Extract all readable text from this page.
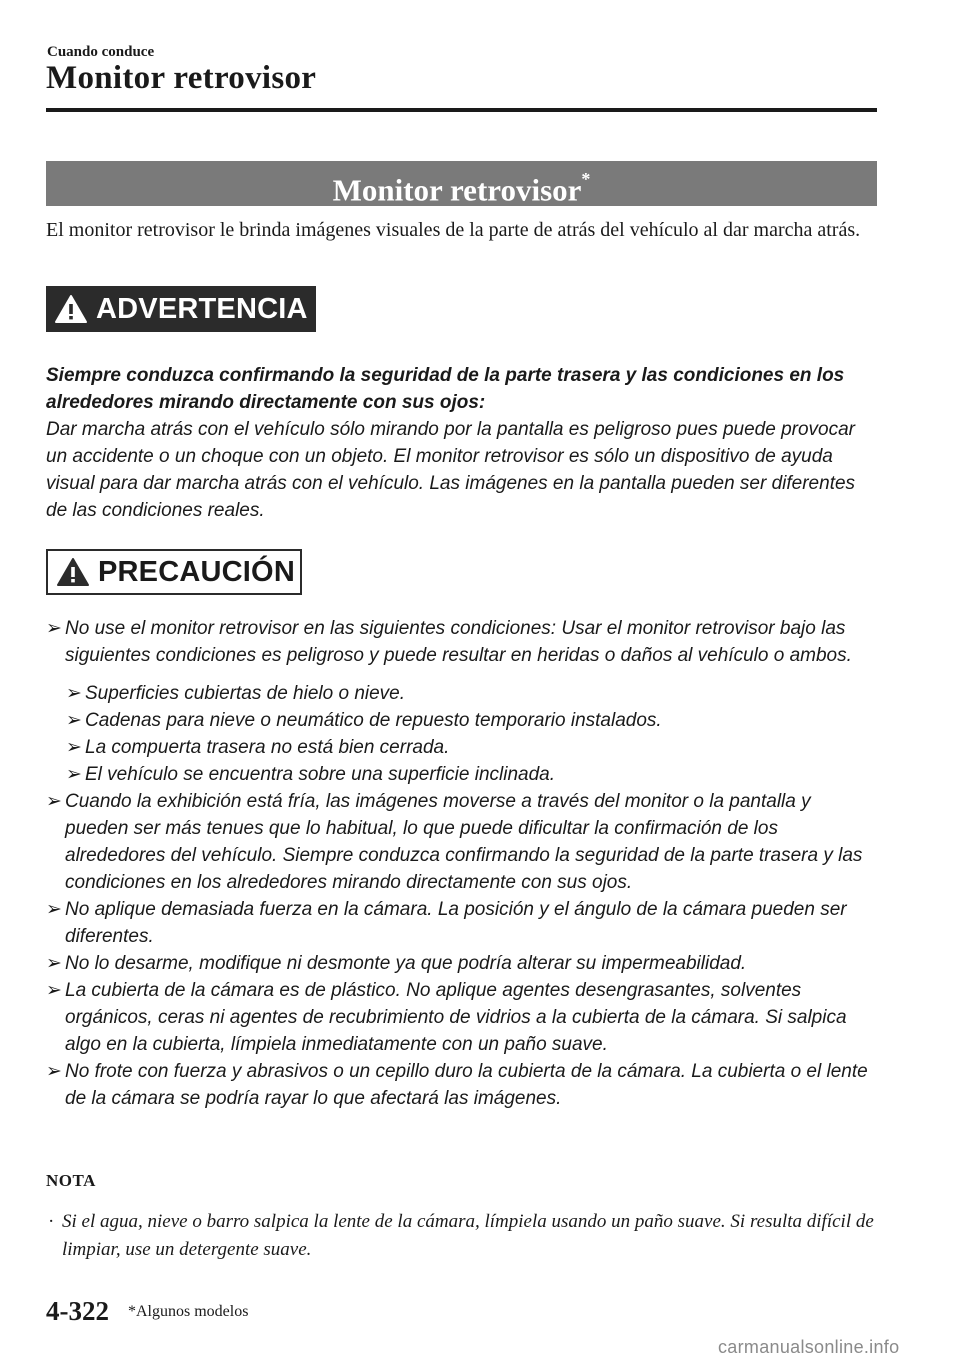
Cuando conduce
Monitor retrovisor
Monitor retrovisor*
El monitor retrovisor le brinda imágenes visuales de la parte de atrás del vehículo al dar marcha atrás.
ADVERTENCIA
Siempre conduzca confirmando la seguridad de la parte trasera y las condiciones en los alrededores mirando directamente con sus ojos:
Dar marcha atrás con el vehículo sólo mirando por la pantalla es peligroso pues puede provocar un accidente o un choque con un objeto. El monitor retrovisor es sólo un dispositivo de ayuda visual para dar marcha atrás con el vehículo. Las imágenes en la pantalla pueden ser diferentes de las condiciones reales.
PRECAUCIÓN
➢ No use el monitor retrovisor en las siguientes condiciones: Usar el monitor retrovisor bajo las siguientes condiciones es peligroso y puede resultar en heridas o daños al vehículo o ambos.
➢ Superficies cubiertas de hielo o nieve.
➢ Cadenas para nieve o neumático de repuesto temporario instalados.
➢ La compuerta trasera no está bien cerrada.
➢ El vehículo se encuentra sobre una superficie inclinada.
➢ Cuando la exhibición está fría, las imágenes moverse a través del monitor o la pantalla y pueden ser más tenues que lo habitual, lo que puede dificultar la confirmación de los alrededores del vehículo. Siempre conduzca confirmando la seguridad de la parte trasera y las condiciones en los alrededores mirando directamente con sus ojos.
➢ No aplique demasiada fuerza en la cámara. La posición y el ángulo de la cámara pueden ser diferentes.
➢ No lo desarme, modifique ni desmonte ya que podría alterar su impermeabilidad.
➢ La cubierta de la cámara es de plástico. No aplique agentes desengrasantes, solventes orgánicos, ceras ni agentes de recubrimiento de vidrios a la cubierta de la cámara. Si salpica algo en la cubierta, límpiela inmediatamente con un paño suave.
➢ No frote con fuerza y abrasivos o un cepillo duro la cubierta de la cámara. La cubierta o el lente de la cámara se podría rayar lo que afectará las imágenes.
NOTA
· Si el agua, nieve o barro salpica la lente de la cámara, límpiela usando un paño suave. Si resulta difícil de limpiar, use un detergente suave.
4-322 *Algunos modelos
carmanualsonline.info
